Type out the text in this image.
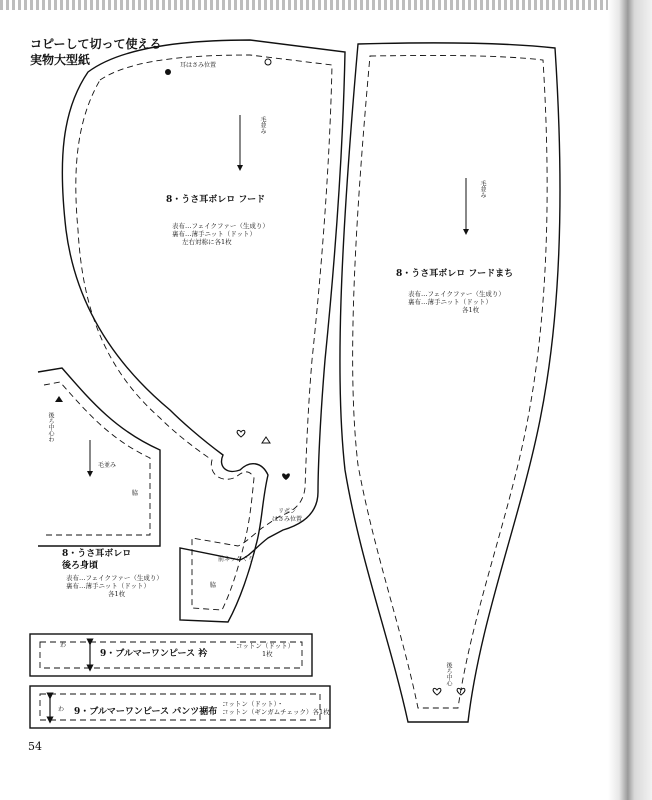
コピーして切って使える
実物大型紙	耳はさみ位置
毛並み
8・うさ耳ボレロ フード
表布…フェイクファー（生成り）
裏布…薄手ニット（ドット）
左右対称に各1枚
リボン
はさみ位置
前ネックぐり
脇
毛並み
8・うさ耳ボレロ フードまち
表布…フェイクファー（生成り）
裏布…薄手ニット（ドット）
各1枚
後ろ中心
後ろ中心わ
毛並み
脇
8・うさ耳ボレロ
後ろ身頃
表布…フェイクファー（生成り）
裏布…薄手ニット（ドット）
各1枚
わ
9・ブルマーワンピース 衿
コットン（ドット）
1枚
わ 9・ブルマーワンピース パンツ裾布
コットン（ドット）・
コットン（ギンガムチェック）各1枚
54
